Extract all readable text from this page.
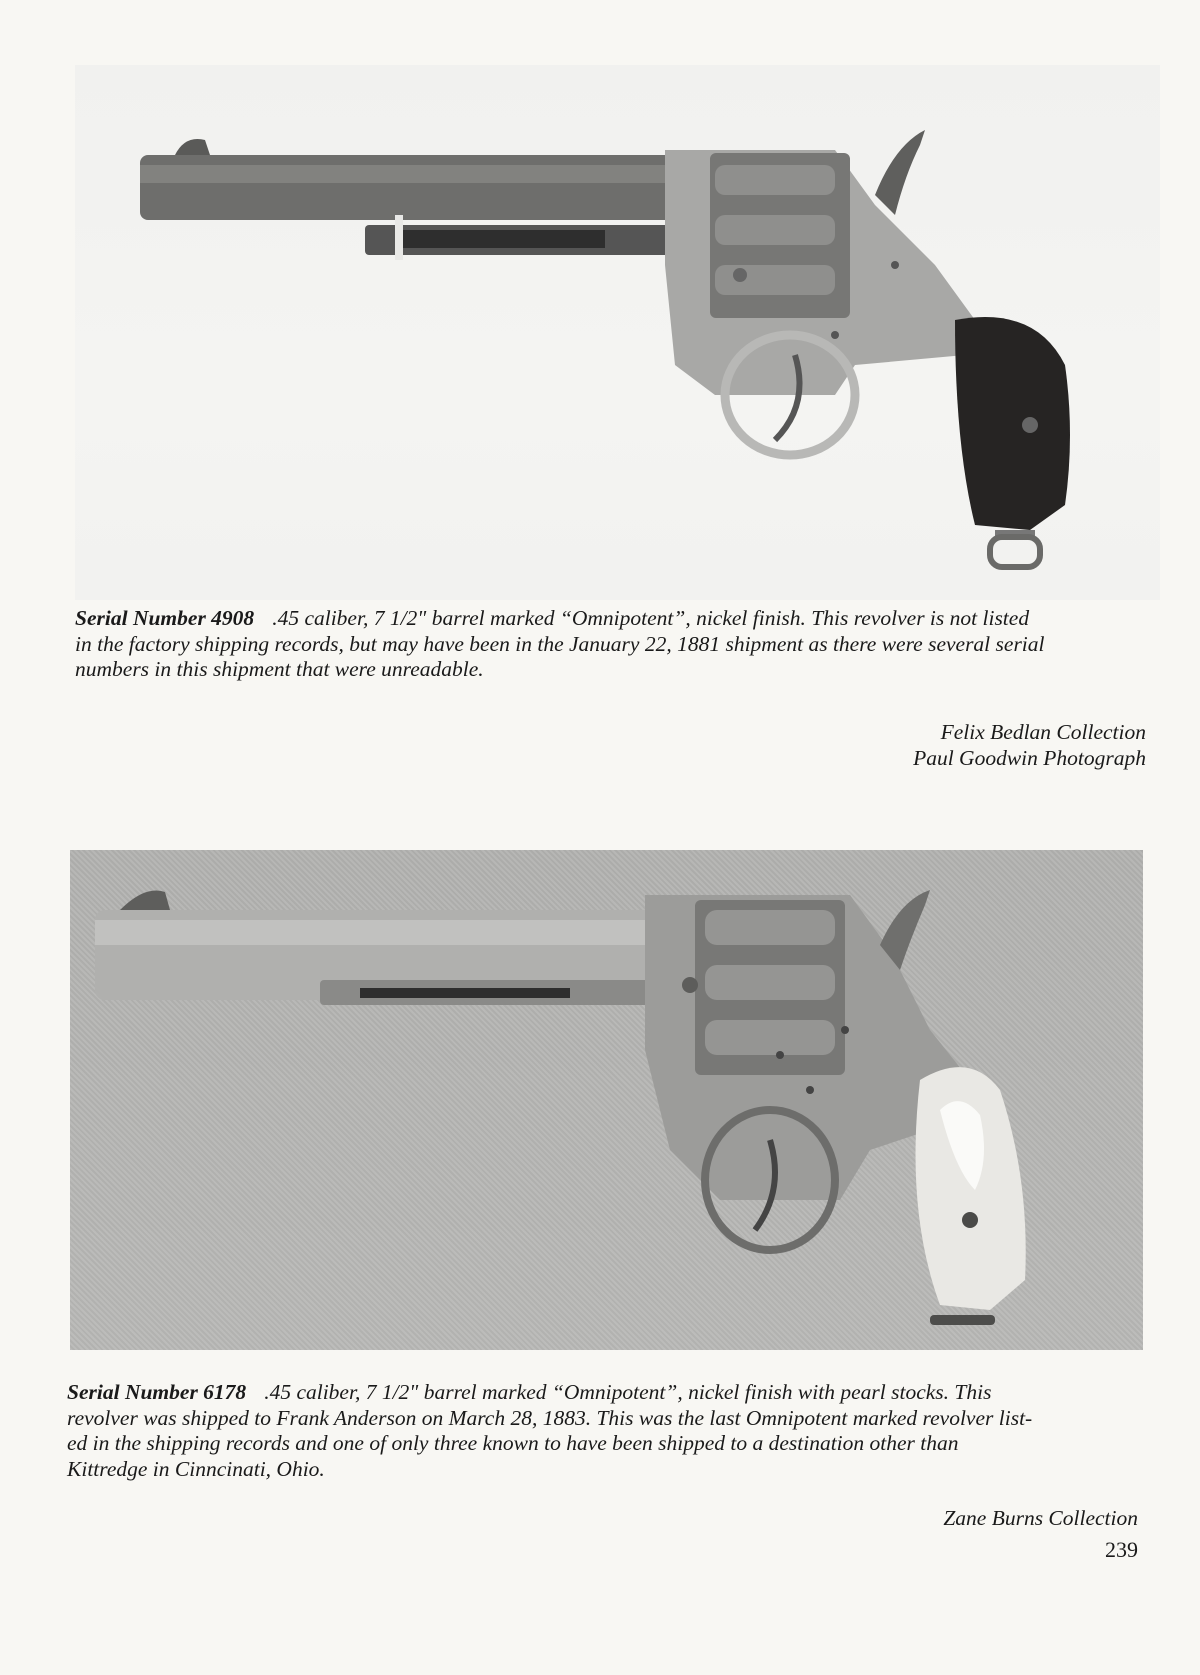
Serial Number 4908 .45 caliber, 7 1/2" barrel marked “Omnipotent”, nickel finish. This revolver is not listed
in the factory shipping records, but may have been in the January 22, 1881 shipment as there were several serial
numbers in this shipment that were unreadable.

Felix Bedlan Collection
Paul Goodwin Photograph

Serial Number 6178 .45 caliber, 7 1/2" barrel marked “Omnipotent”, nickel finish with pearl stocks. This
revolver was shipped to Frank Anderson on March 28, 1883. This was the last Omnipotent marked revolver list-
ed in the shipping records and one of only three known to have been shipped to a destination other than
Kittredge in Cinncinati, Ohio.

Zane Burns Collection
239
